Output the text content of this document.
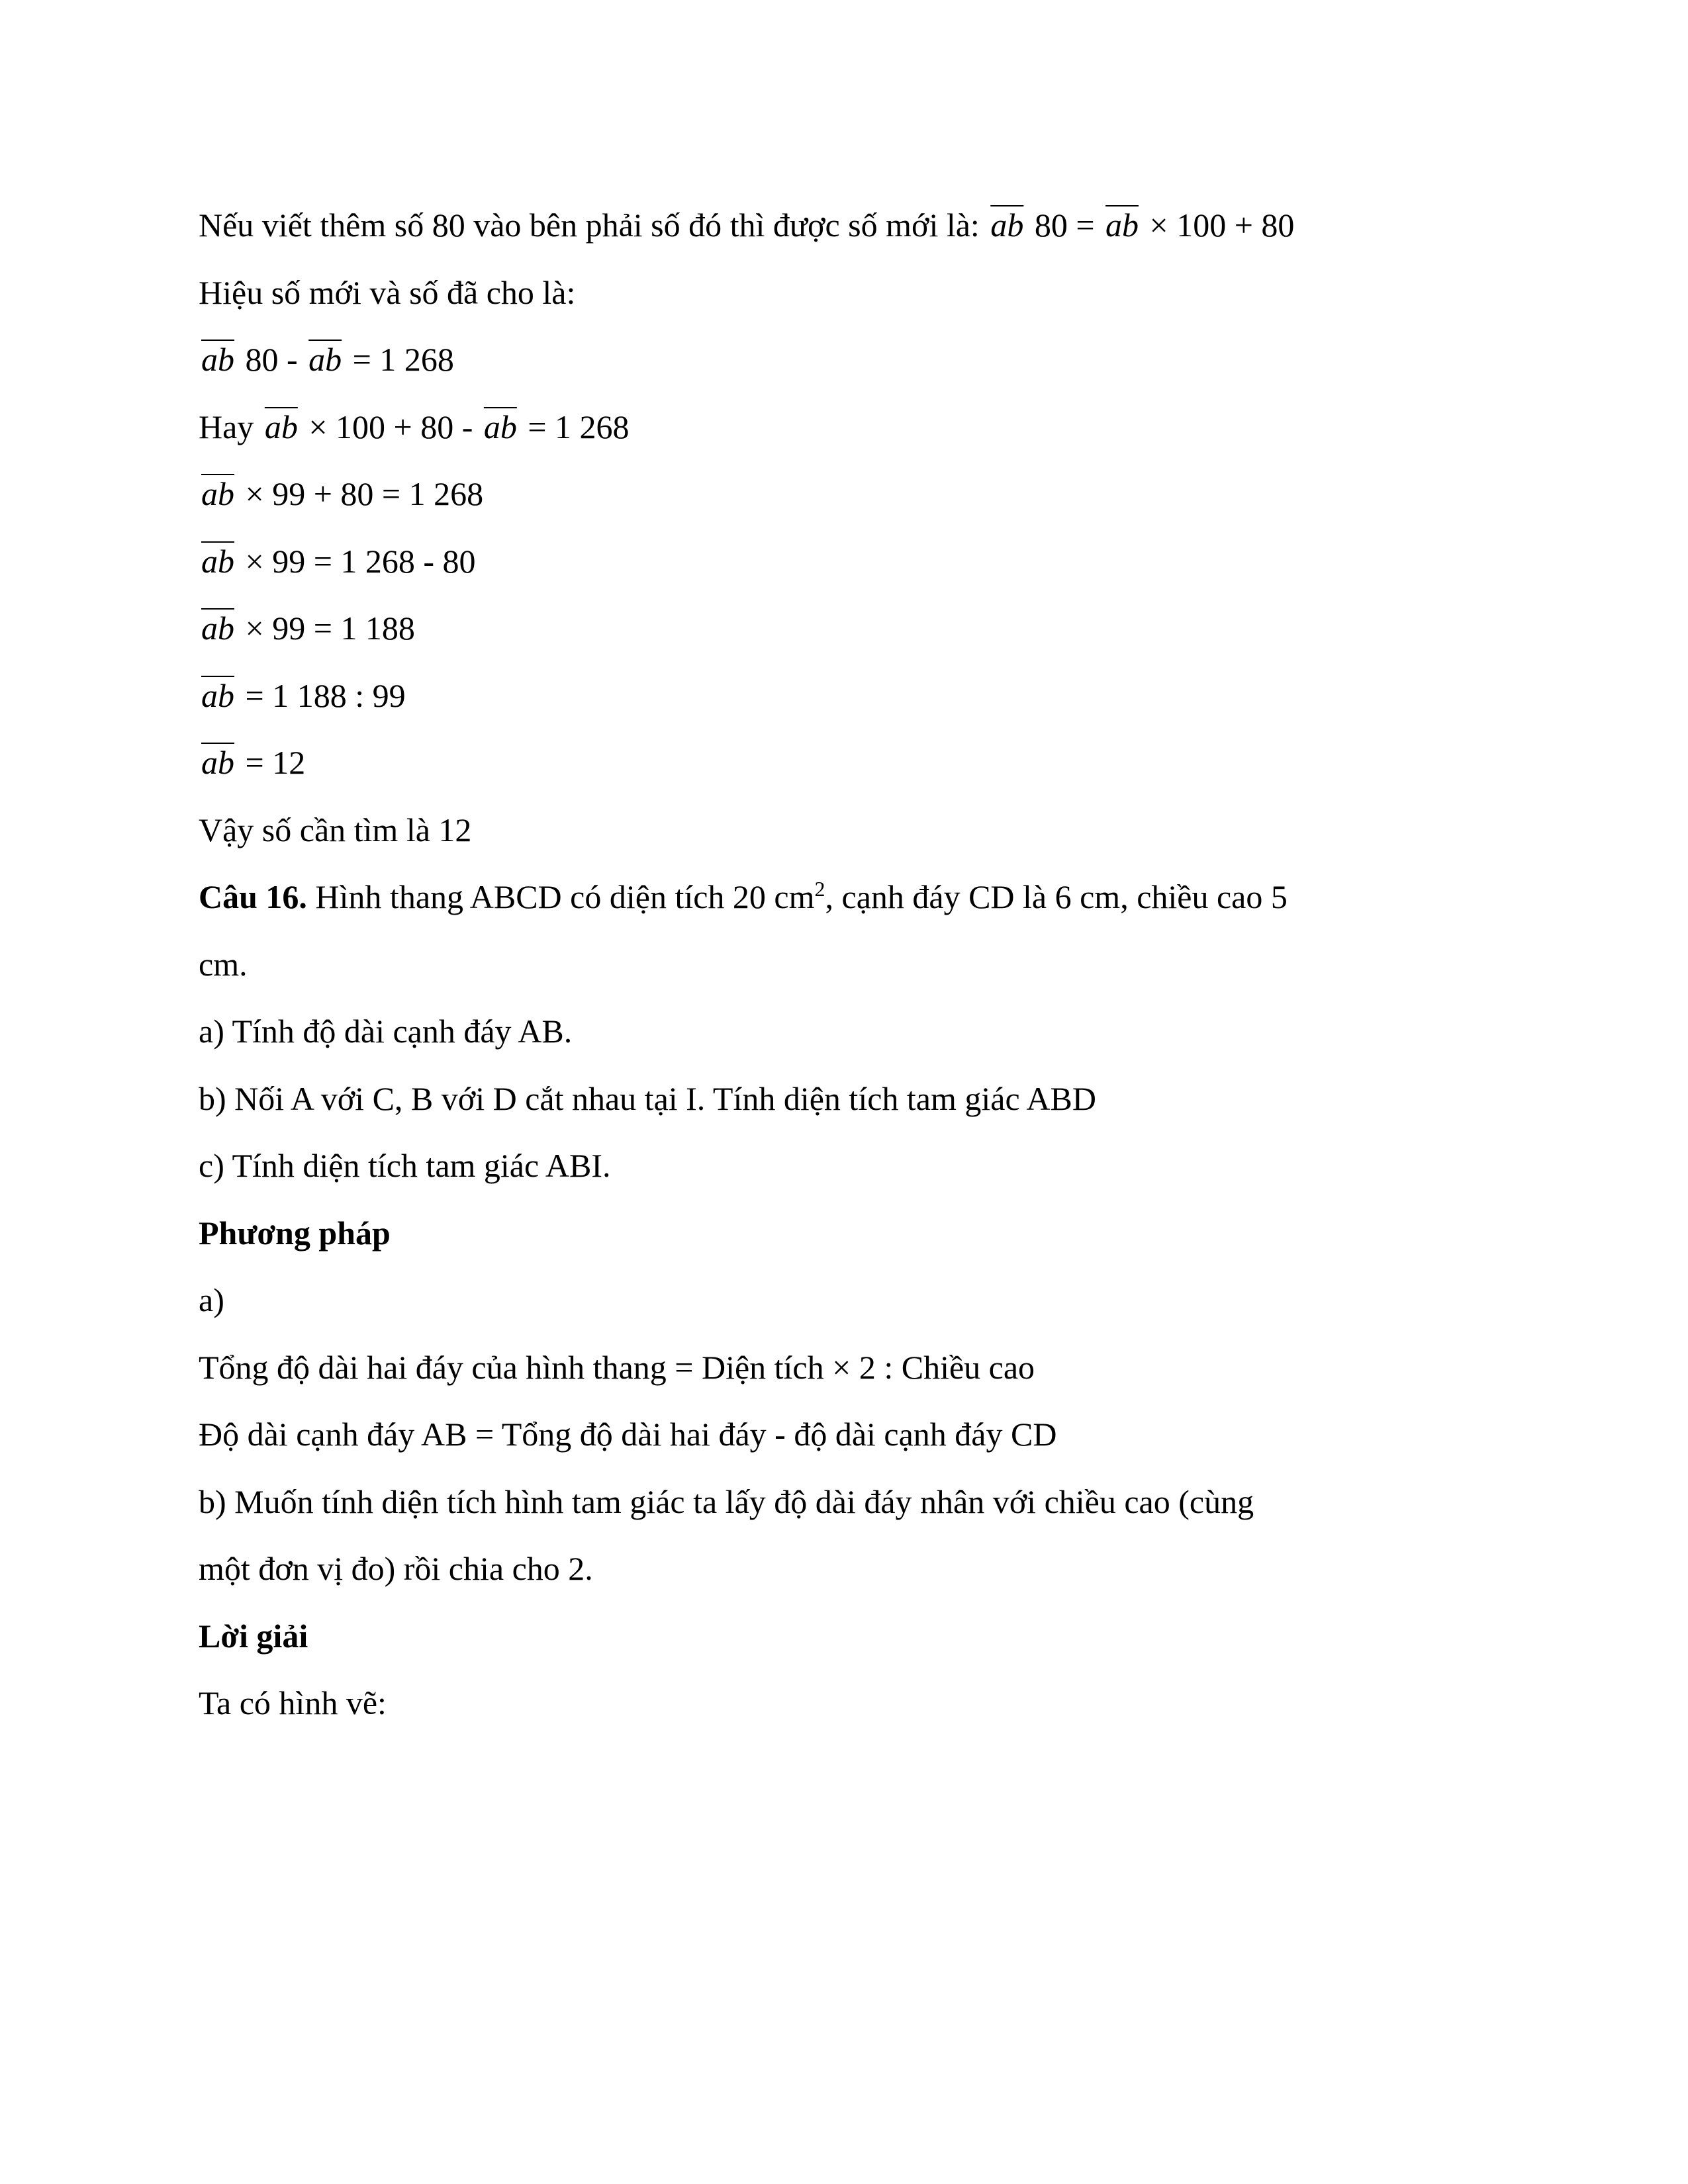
Nếu viết thêm số 80 vào bên phải số đó thì được số mới là: $\overline{ab}$ $80 = \overline{ab} \times 100 + 80$
Hiệu số mới và số đã cho là:
$\overline{ab}$ $80 - \overline{ab} = 1$ 268
Hay $\overline{ab} \times 100 + 80 - \overline{ab} = 1$ 268
$\overline{ab} \times 99 + 80 = 1$ 268
$\overline{ab} \times 99 = 1$ 268 - 80
$\overline{ab} \times 99 = 1$ 188
$\overline{ab} = 1$ 188 : 99
$\overline{ab} = 12$
Vậy số cần tìm là 12
Câu 16. Hình thang ABCD có diện tích 20 $cm^2$, cạnh đáy CD là 6 cm, chiều cao 5
cm.
a) Tính độ dài cạnh đáy AB.
b) Nối A với C, B với D cắt nhau tại I. Tính diện tích tam giác ABD
c) Tính diện tích tam giác ABI.
Phương pháp
a)
Tổng độ dài hai đáy của hình thang = Diện tích × 2 : Chiều cao
Độ dài cạnh đáy AB = Tổng độ dài hai đáy - độ dài cạnh đáy CD
b) Muốn tính diện tích hình tam giác ta lấy độ dài đáy nhân với chiều cao (cùng
một đơn vị đo) rồi chia cho 2.
Lời giải
Ta có hình vẽ:
